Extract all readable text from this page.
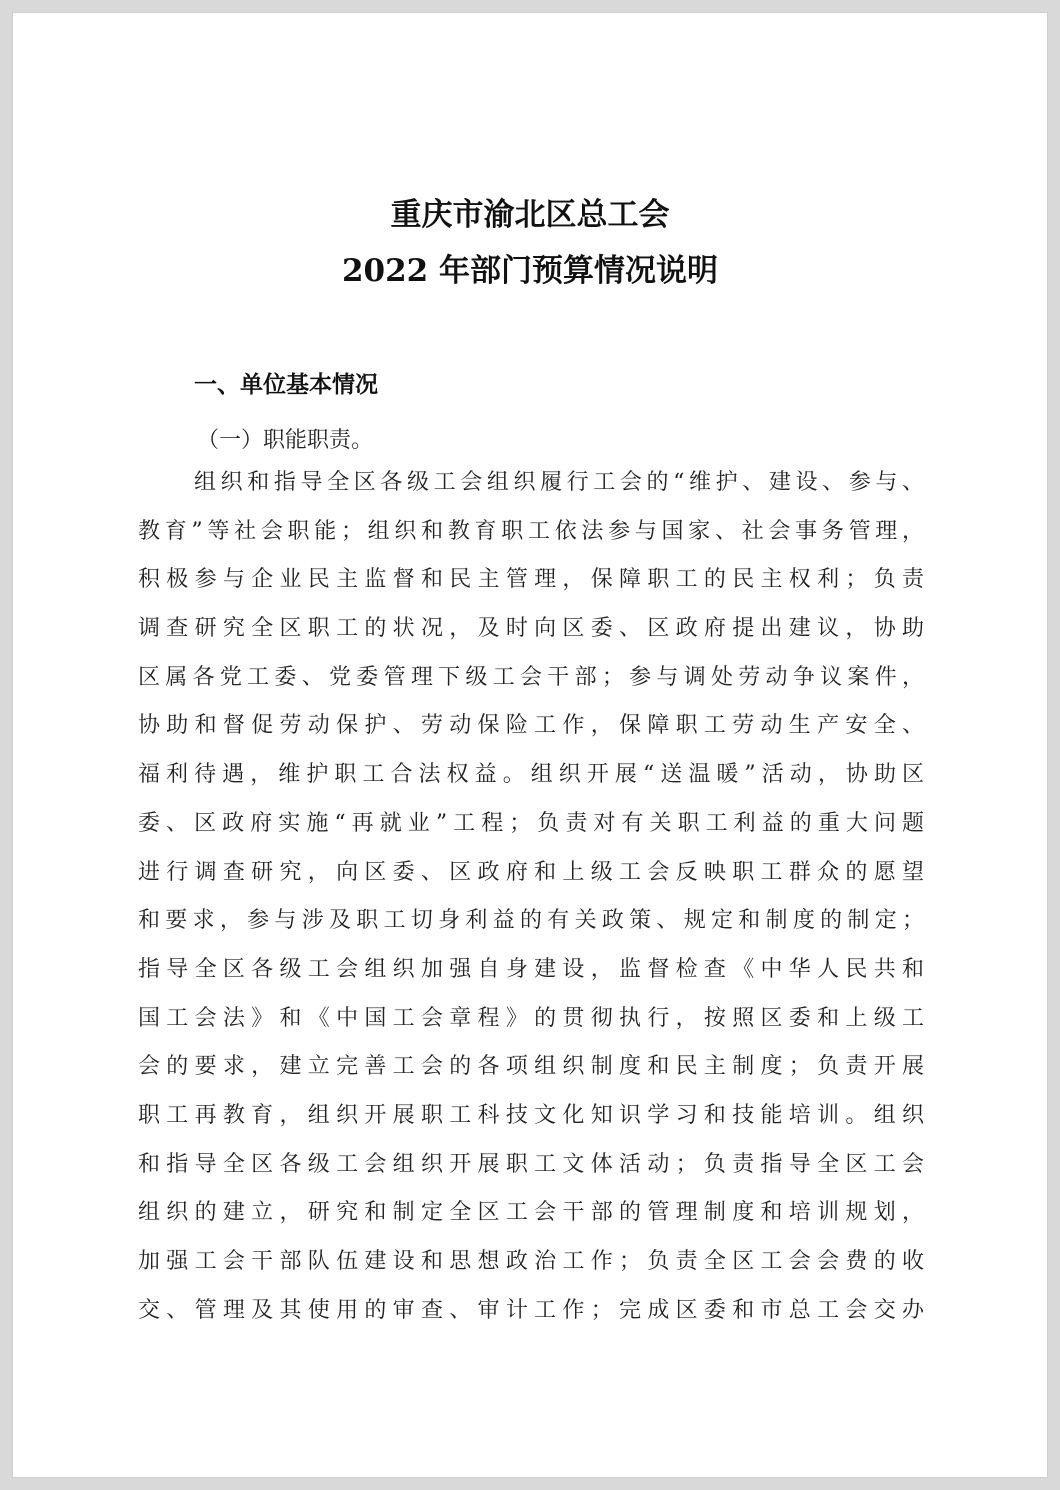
重庆市渝北区总工会
2022 年部门预算情况说明
一、单位基本情况
（一）职能职责。
组织和指导全区各级工会组织履行工会的“维护、建设、参与、
教育”等社会职能；组织和教育职工依法参与国家、社会事务管理，
积极参与企业民主监督和民主管理，保障职工的民主权利；负责
调查研究全区职工的状况，及时向区委、区政府提出建议，协助
区属各党工委、党委管理下级工会干部；参与调处劳动争议案件，
协助和督促劳动保护、劳动保险工作，保障职工劳动生产安全、
福利待遇，维护职工合法权益。组织开展“送温暖”活动，协助区
委、区政府实施“再就业”工程；负责对有关职工利益的重大问题
进行调查研究，向区委、区政府和上级工会反映职工群众的愿望
和要求，参与涉及职工切身利益的有关政策、规定和制度的制定；
指导全区各级工会组织加强自身建设，监督检查《中华人民共和
国工会法》和《中国工会章程》的贯彻执行，按照区委和上级工
会的要求，建立完善工会的各项组织制度和民主制度；负责开展
职工再教育，组织开展职工科技文化知识学习和技能培训。组织
和指导全区各级工会组织开展职工文体活动；负责指导全区工会
组织的建立，研究和制定全区工会干部的管理制度和培训规划，
加强工会干部队伍建设和思想政治工作；负责全区工会会费的收
交、管理及其使用的审查、审计工作；完成区委和市总工会交办
